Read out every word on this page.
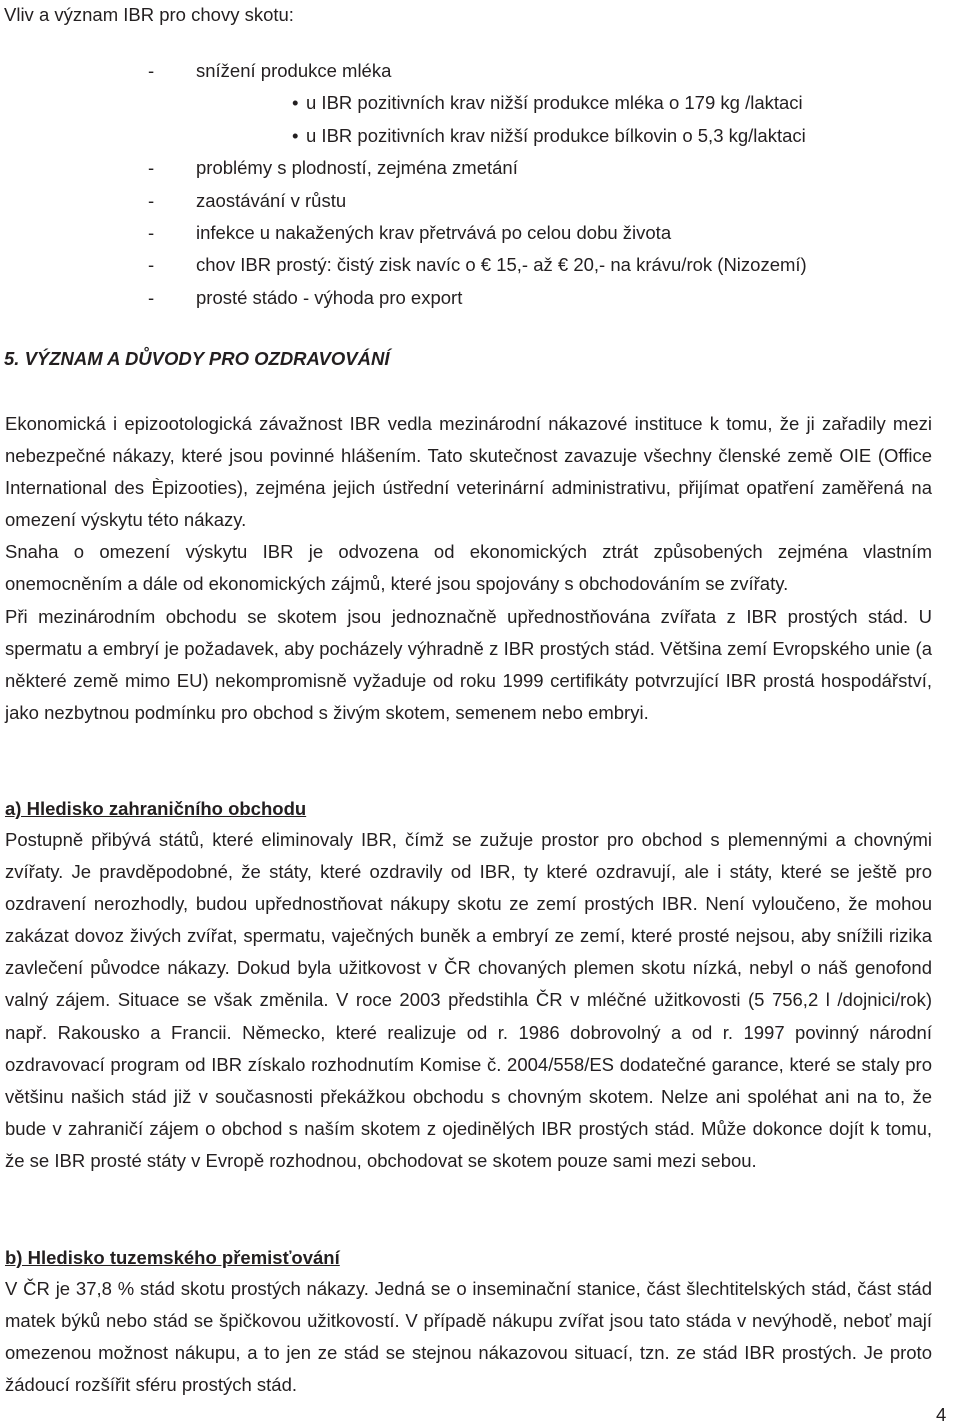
Vliv a význam IBR pro chovy skotu:
- snížení produkce mléka
• u IBR pozitivních krav nižší produkce mléka o 179 kg /laktaci
• u IBR pozitivních krav nižší produkce bílkovin o 5,3 kg/laktaci
- problémy s plodností, zejména zmetání
- zaostávání v růstu
- infekce u nakažených krav přetrvává po celou dobu života
- chov IBR prostý: čistý zisk navíc o € 15,- až € 20,- na krávu/rok (Nizozemí)
- prosté stádo - výhoda pro export
5. VÝZNAM A DŮVODY PRO OZDRAVOVÁNÍ

Ekonomická i epizootologická závažnost IBR vedla mezinárodní nákazové instituce k tomu, že ji zařadily mezi nebezpečné nákazy, které jsou povinné hlášením. Tato skutečnost zavazuje všechny členské země OIE (Office International des Èpizooties), zejména jejich ústřední veterinární administrativu, přijímat opatření zaměřená na omezení výskytu této nákazy.

Snaha o omezení výskytu IBR je odvozena od ekonomických ztrát způsobených zejména vlastním onemocněním a dále od ekonomických zájmů, které jsou spojovány s obchodováním se zvířaty.

Při mezinárodním obchodu se skotem jsou jednoznačně upřednostňována zvířata z IBR prostých stád. U spermatu a embryí je požadavek, aby pocházely výhradně z IBR prostých stád. Většina zemí Evropského unie (a některé země mimo EU) nekompromisně vyžaduje od roku 1999 certifikáty potvrzující IBR prostá hospodářství, jako nezbytnou podmínku pro obchod s živým skotem, semenem nebo embryi.

a) Hledisko zahraničního obchodu

Postupně přibývá států, které eliminovaly IBR, čímž se zužuje prostor pro obchod s plemennými a chovnými zvířaty. Je pravděpodobné, že státy, které ozdravily od IBR, ty které ozdravují, ale i státy, které se ještě pro ozdravení nerozhodly, budou upřednostňovat nákupy skotu ze zemí prostých IBR. Není vyloučeno, že mohou zakázat dovoz živých zvířat, spermatu, vaječných buněk a embryí ze zemí, které prosté nejsou, aby snížili rizika zavlečení původce nákazy. Dokud byla užitkovost v ČR chovaných plemen skotu nízká, nebyl o náš genofond valný zájem. Situace se však změnila. V roce 2003 předstihla ČR v mléčné užitkovosti (5 756,2 l /dojnici/rok) např. Rakousko a Francii. Německo, které realizuje od r. 1986 dobrovolný a od r. 1997 povinný národní ozdravovací program od IBR získalo rozhodnutím Komise č. 2004/558/ES dodatečné garance, které se staly pro většinu našich stád již v současnosti překážkou obchodu s chovným skotem. Nelze ani spoléhat ani na to, že bude v zahraničí zájem o obchod s naším skotem z ojedinělých IBR prostých stád. Může dokonce dojít k tomu, že se IBR prosté státy v Evropě rozhodnou, obchodovat se skotem pouze sami mezi sebou.

b) Hledisko tuzemského přemisťování

V ČR je 37,8 % stád skotu prostých nákazy. Jedná se o inseminační stanice, část šlechtitelských stád, část stád matek býků nebo stád se špičkovou užitkovostí. V případě nákupu zvířat jsou tato stáda v nevýhodě, neboť mají omezenou možnost nákupu, a to jen ze stád se stejnou nákazovou situací, tzn. ze stád IBR prostých. Je proto žádoucí rozšířit sféru prostých stád.

4
